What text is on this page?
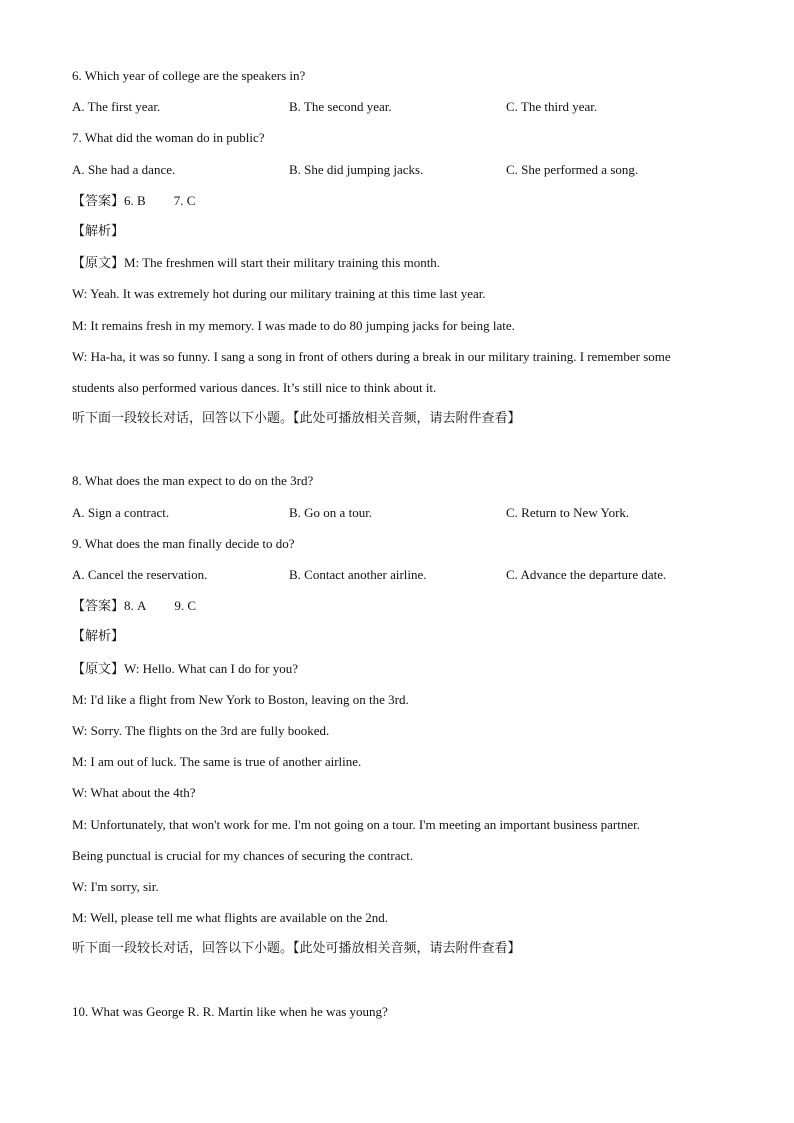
6. Which year of college are the speakers in?
A. The first year.	B. The second year.	C. The third year.
7. What did the woman do in public?
A. She had a dance.	B. She did jumping jacks.	C. She performed a song.
【答案】6. B 7. C
【解析】
【原文】M: The freshmen will start their military training this month.
W: Yeah. It was extremely hot during our military training at this time last year.
M: It remains fresh in my memory. I was made to do 80 jumping jacks for being late.
W: Ha-ha, it was so funny. I sang a song in front of others during a break in our military training. I remember some
students also performed various dances. It’s still nice to think about it.
听下面一段较长对话，回答以下小题。【此处可播放相关音频，请去附件查看】
8. What does the man expect to do on the 3rd?
A. Sign a contract.	B. Go on a tour.	C. Return to New York.
9. What does the man finally decide to do?
A. Cancel the reservation.	B. Contact another airline.	C. Advance the departure date.
【答案】8. A 9. C
【解析】
【原文】W: Hello. What can I do for you?
M: I'd like a flight from New York to Boston, leaving on the 3rd.
W: Sorry. The flights on the 3rd are fully booked.
M: I am out of luck. The same is true of another airline.
W: What about the 4th?
M: Unfortunately, that won't work for me. I'm not going on a tour. I'm meeting an important business partner.
Being punctual is crucial for my chances of securing the contract.
W: I'm sorry, sir.
M: Well, please tell me what flights are available on the 2nd.
听下面一段较长对话，回答以下小题。【此处可播放相关音频，请去附件查看】
10. What was George R. R. Martin like when he was young?
